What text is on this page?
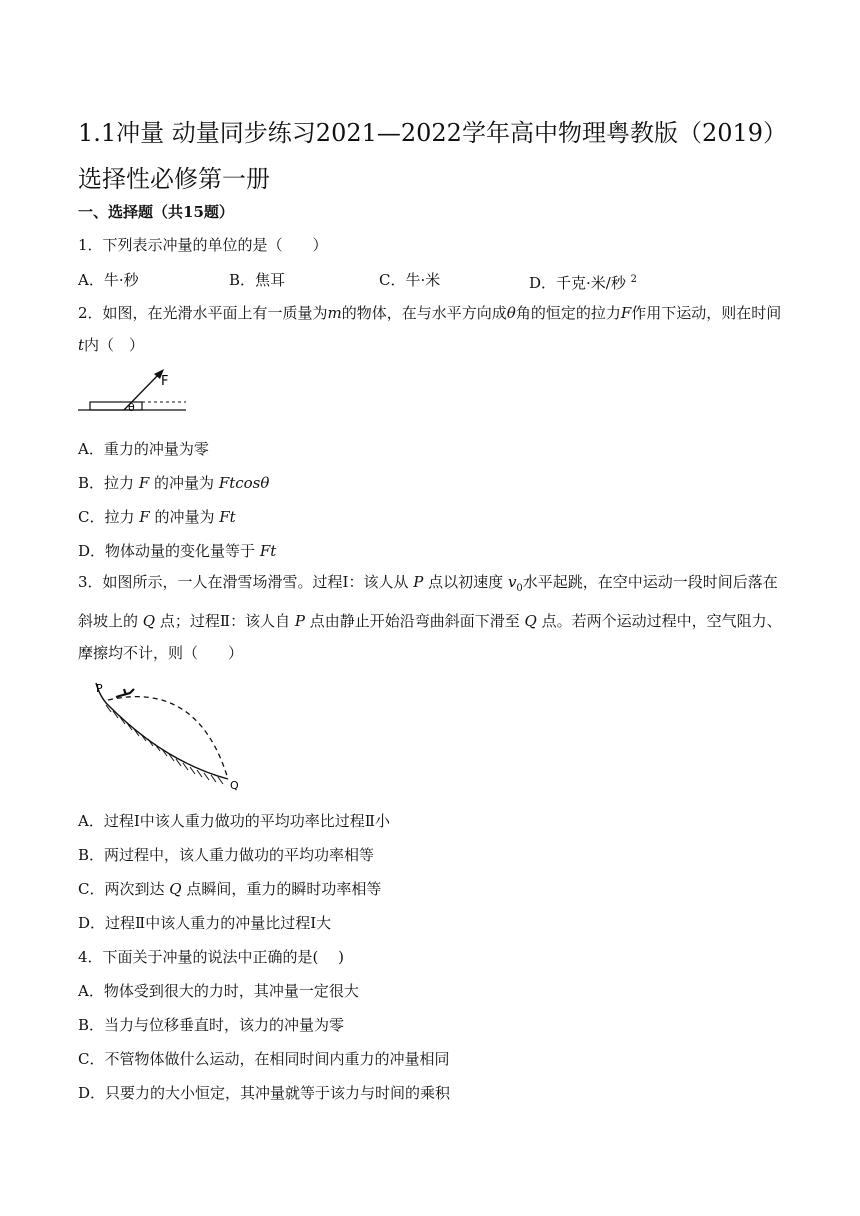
1.1冲量 动量同步练习2021—2022学年高中物理粤教版（2019）选择性必修第一册
一、选择题（共15题）
1．下列表示冲量的单位的是（　　）
A．牛·秒	B．焦耳	C．牛·米	D．千克·米/秒 $^2$
2．如图，在光滑水平面上有一质量为m的物体，在与水平方向成θ角的恒定的拉力F作用下运动，则在时间t内（　）
F
θ
A．重力的冲量为零
B．拉力 F 的冲量为 Ftcosθ
C．拉力 F 的冲量为 Ft
D．物体动量的变化量等于 Ft
3．如图所示，一人在滑雪场滑雪。过程Ⅰ：该人从 P 点以初速度 $v_0$水平起跳，在空中运动一段时间后落在斜坡上的 Q 点；过程Ⅱ：该人自 P 点由静止开始沿弯曲斜面下滑至 Q 点。若两个运动过程中，空气阻力、摩擦均不计，则（　　）
P
Q
A．过程Ⅰ中该人重力做功的平均功率比过程Ⅱ小
B．两过程中，该人重力做功的平均功率相等
C．两次到达 Q 点瞬间，重力的瞬时功率相等
D．过程Ⅱ中该人重力的冲量比过程Ⅰ大
4．下面关于冲量的说法中正确的是(　 )
A．物体受到很大的力时，其冲量一定很大
B．当力与位移垂直时，该力的冲量为零
C．不管物体做什么运动，在相同时间内重力的冲量相同
D．只要力的大小恒定，其冲量就等于该力与时间的乘积
